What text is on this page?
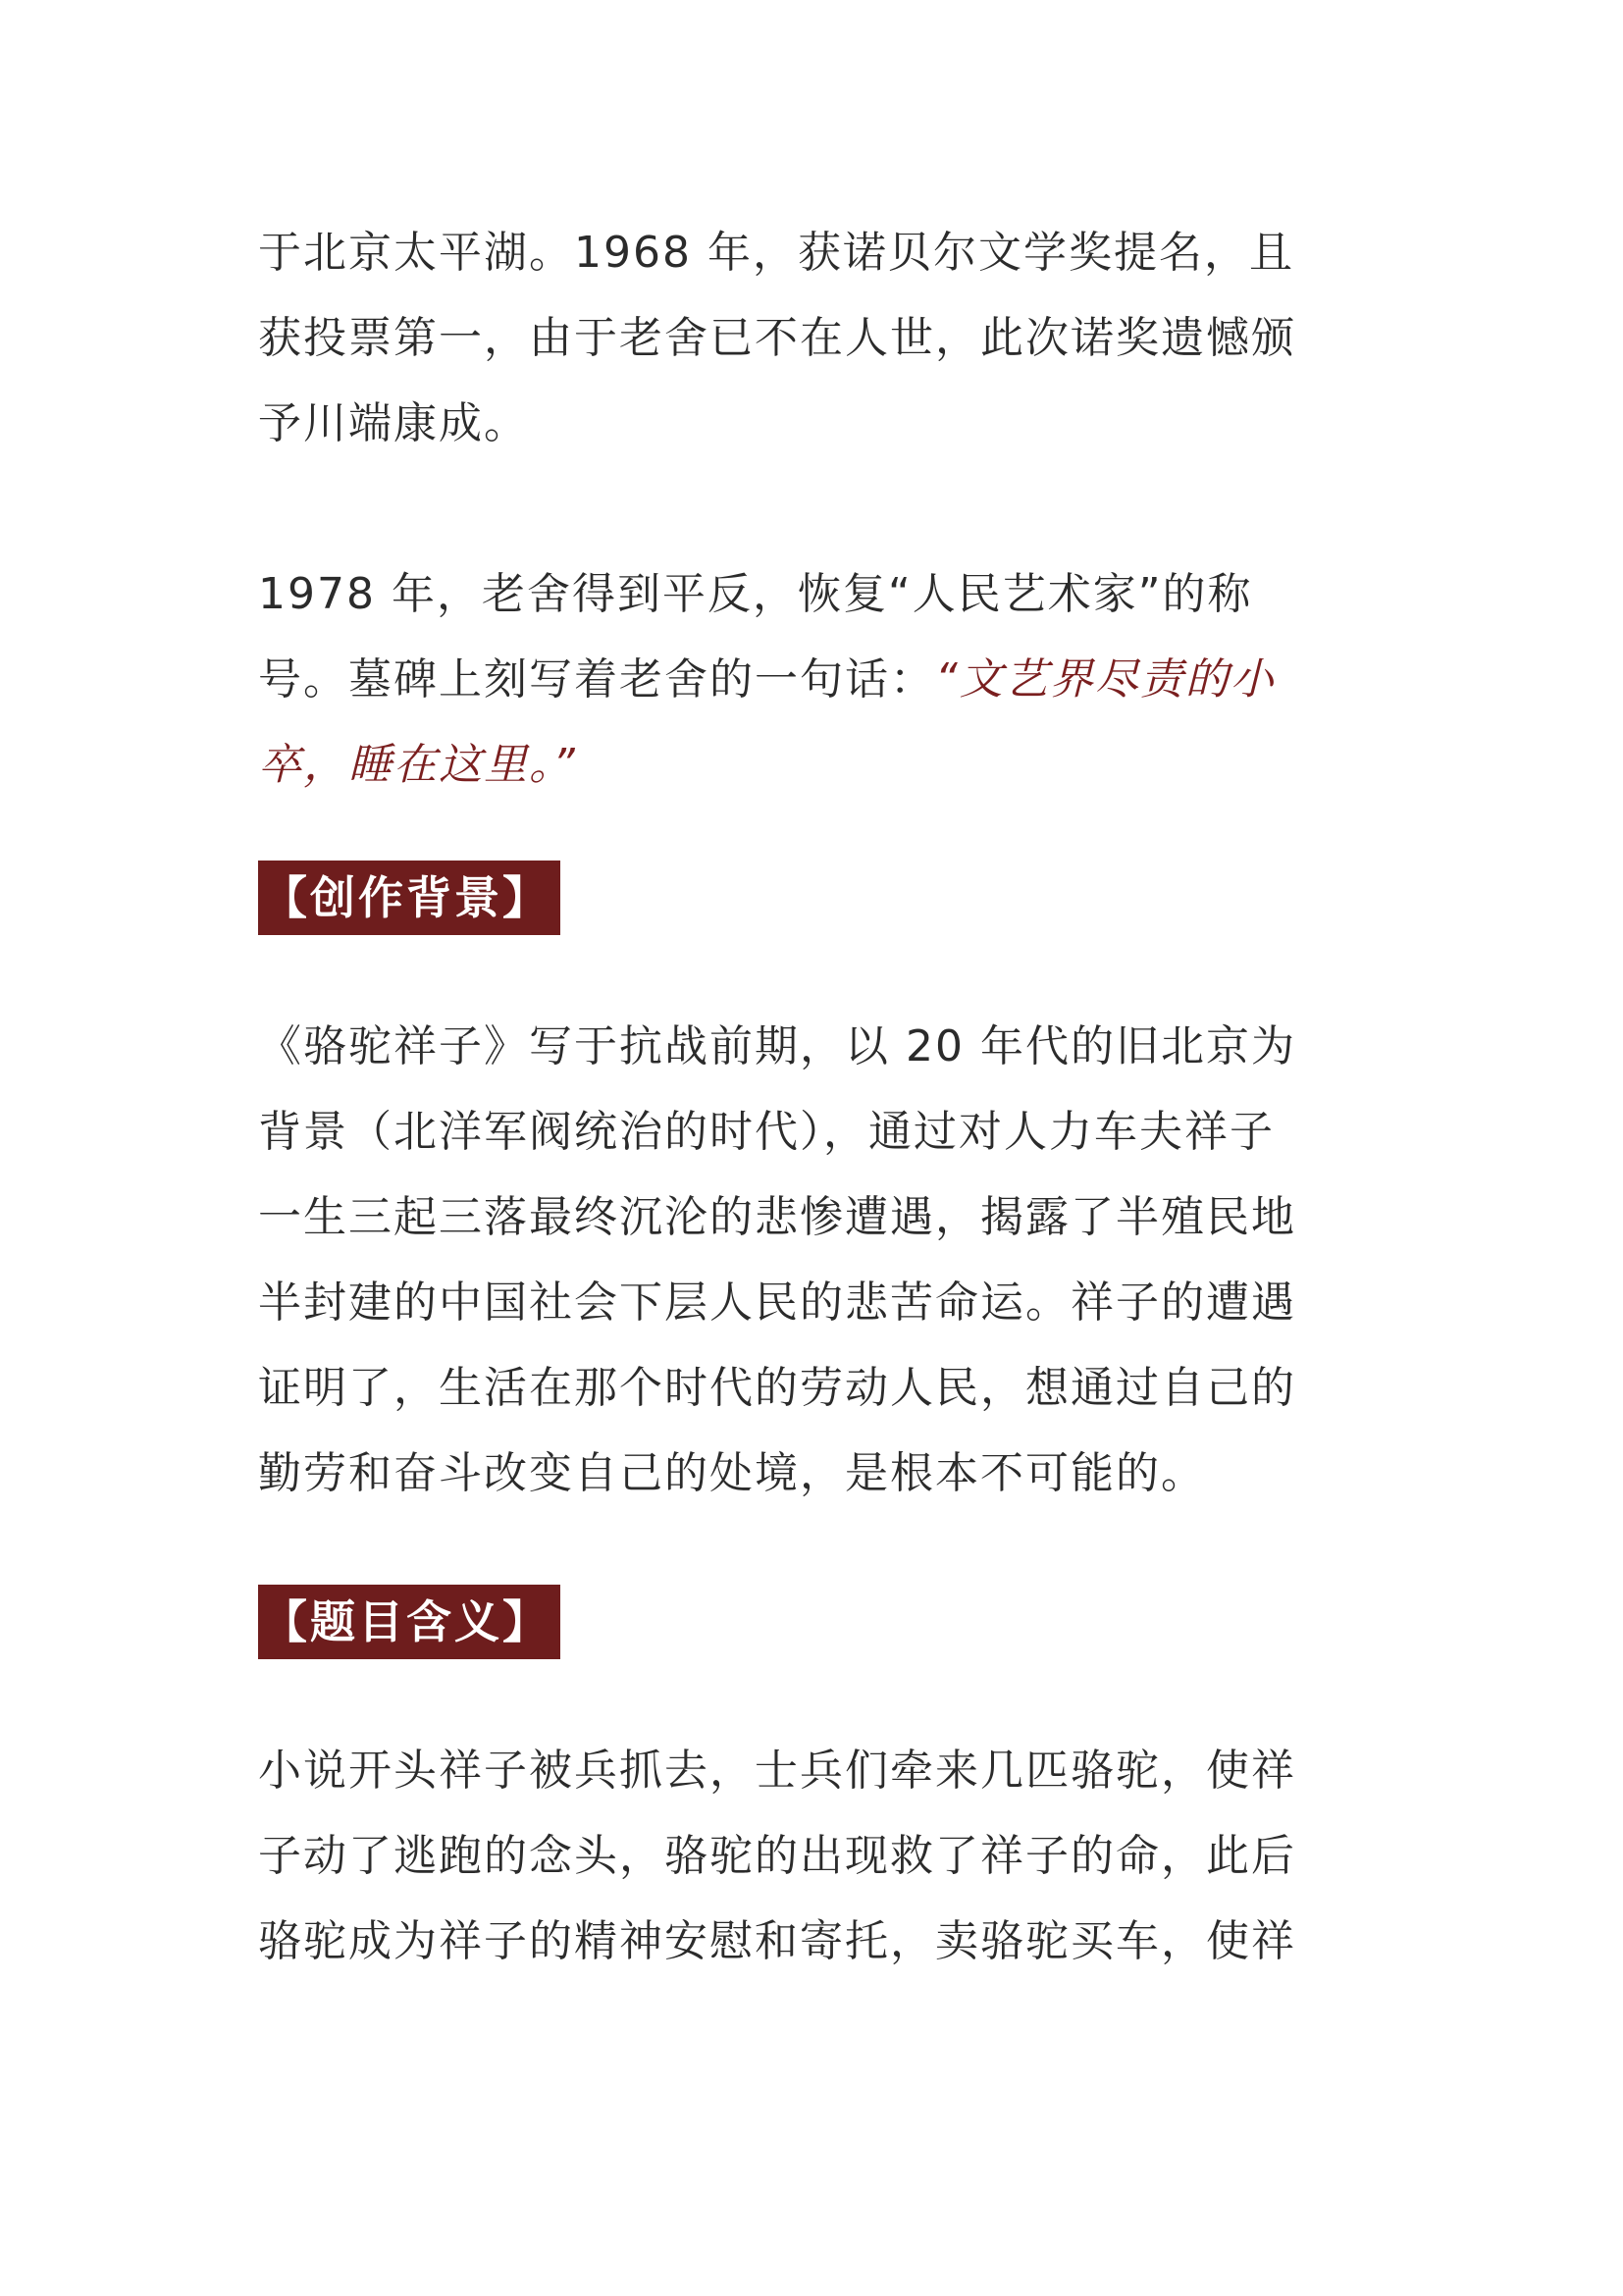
于北京太平湖。1968 年，获诺贝尔文学奖提名，且
获投票第一，由于老舍已不在人世，此次诺奖遗憾颁
予川端康成。

1978 年，老舍得到平反，恢复“人民艺术家”的称
号。墓碑上刻写着老舍的一句话：“文艺界尽责的小
卒，睡在这里。”

【创作背景】

《骆驼祥子》写于抗战前期，以 20 年代的旧北京为
背景（北洋军阀统治的时代），通过对人力车夫祥子
一生三起三落最终沉沦的悲惨遭遇，揭露了半殖民地
半封建的中国社会下层人民的悲苦命运。祥子的遭遇
证明了，生活在那个时代的劳动人民，想通过自己的
勤劳和奋斗改变自己的处境，是根本不可能的。

【题目含义】

小说开头祥子被兵抓去，士兵们牵来几匹骆驼，使祥
子动了逃跑的念头，骆驼的出现救了祥子的命，此后
骆驼成为祥子的精神安慰和寄托，卖骆驼买车，使祥
